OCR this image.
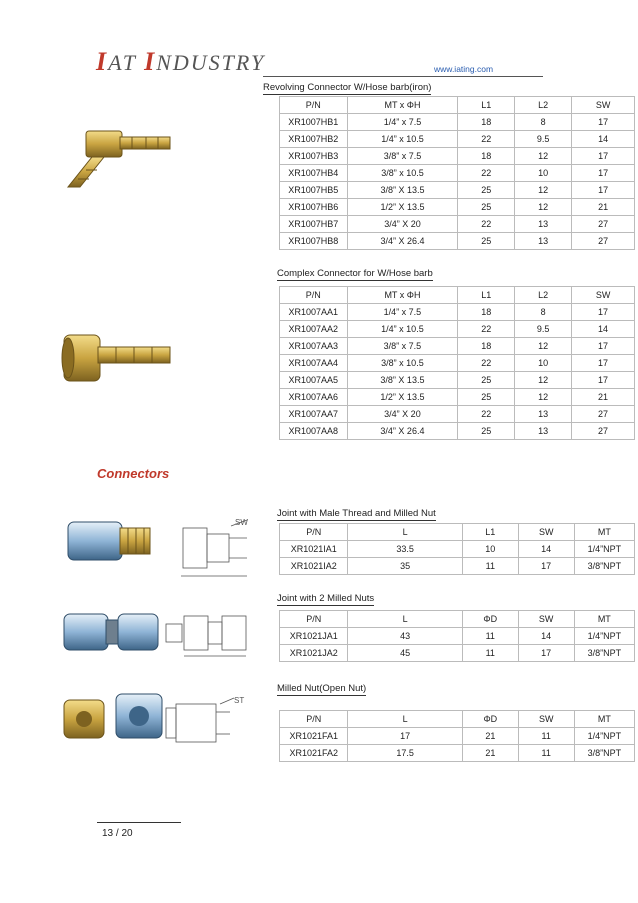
IAT INDUSTRY	www.iating.com
Revolving Connector W/Hose barb(iron)
P/N	MT x ΦH	L1	L2	SW
XR1007HB1	1/4” x 7.5	18	8	17
XR1007HB2	1/4” x 10.5	22	9.5	14
XR1007HB3	3/8” x 7.5	18	12	17
XR1007HB4	3/8” x 10.5	22	10	17
XR1007HB5	3/8” X 13.5	25	12	17
XR1007HB6	1/2” X 13.5	25	12	21
XR1007HB7	3/4” X 20	22	13	27
XR1007HB8	3/4” X 26.4	25	13	27
Complex Connector for W/Hose barb
P/N	MT x ΦH	L1	L2	SW
XR1007AA1	1/4” x 7.5	18	8	17
XR1007AA2	1/4” x 10.5	22	9.5	14
XR1007AA3	3/8” x 7.5	18	12	17
XR1007AA4	3/8” x 10.5	22	10	17
XR1007AA5	3/8” X 13.5	25	12	17
XR1007AA6	1/2” X 13.5	25	12	21
XR1007AA7	3/4” X 20	22	13	27
XR1007AA8	3/4” X 26.4	25	13	27
Connectors
Joint with Male Thread and Milled Nut
SW
P/N	L	L1	SW	MT
XR1021IA1	33.5	10	14	1/4”NPT
XR1021IA2	35	11	17	3/8”NPT
Joint with 2 Milled Nuts
P/N	L	ΦD	SW	MT
XR1021JA1	43	11	14	1/4”NPT
XR1021JA2	45	11	17	3/8”NPT
Milled Nut(Open Nut)
ST
P/N	L	ΦD	SW	MT
XR1021FA1	17	21	11	1/4”NPT
XR1021FA2	17.5	21	11	3/8”NPT
13 / 20
